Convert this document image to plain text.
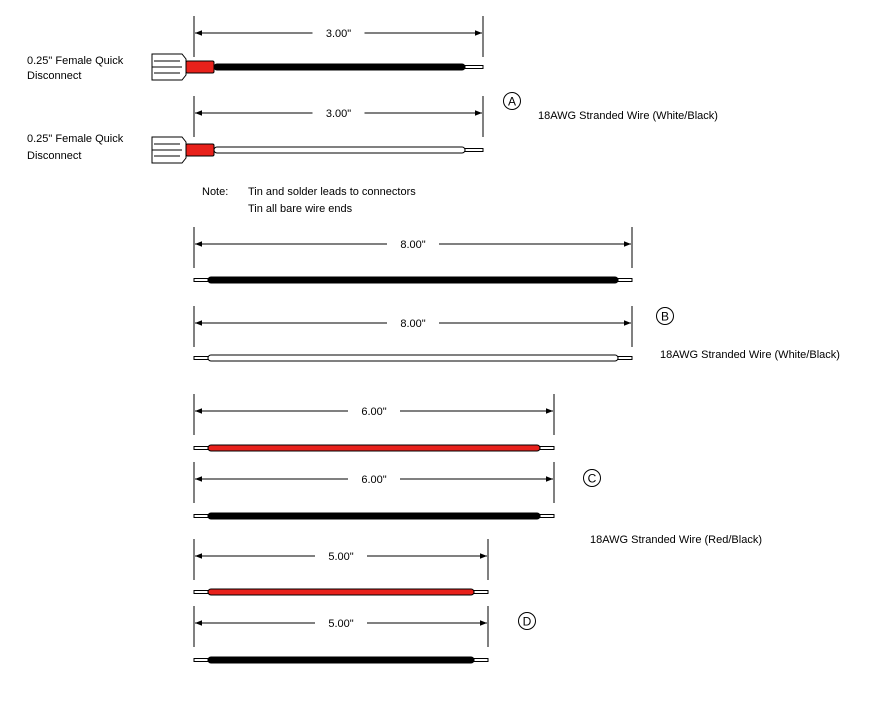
0.25" Female Quick
Disconnect
0.25" Female Quick
Disconnect
Note: Tin and solder leads to connectors
Tin all bare wire ends
A
18AWG Stranded Wire (White/Black)
B
18AWG Stranded Wire (White/Black)
C
18AWG Stranded Wire (Red/Black)
D
3.00"
3.00"
8.00"
8.00"
6.00"
6.00"
5.00"
5.00"
